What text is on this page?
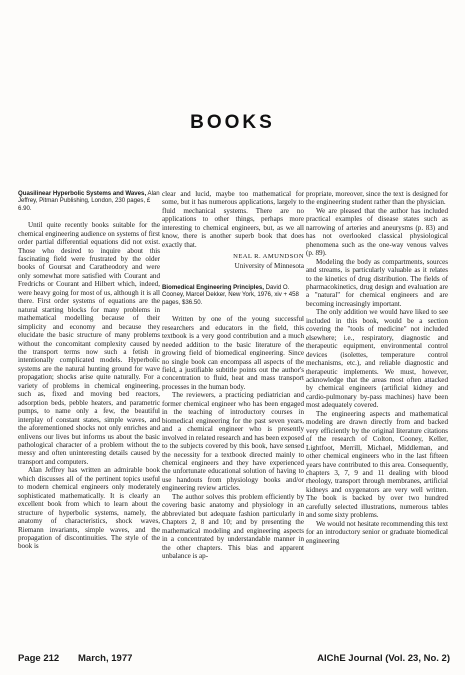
BOOKS
Quasilinear Hyperbolic Systems and Waves, Alan Jeffrey, Pitman Publishing, London, 230 pages, £ 6.90.

Until quite recently books suitable for the chemical engineering audience on systems of first order partial differential equations did not exist. Those who desired to inquire about this fascinating field were frustrated by the older books of Goursat and Caratheodory and were only somewhat more satisfied with Courant and Fredrichs or Courant and Hilbert which, indeed, were heavy going for most of us, although it is all there. First order systems of equations are the natural starting blocks for many problems in mathematical modelling because of their simplicity and economy and because they elucidate the basic structure of many problems without the concomitant complexity caused by the transport terms now such a fetish in intentionally complicated models. Hyperbolic systems are the natural hunting ground for wave propagation; shocks arise quite naturally. For a variety of problems in chemical engineering, such as, fixed and moving bed reactors, adsorption beds, pebble heaters, and parametric pumps, to name only a few, the beautiful interplay of constant states, simple waves, and the aforementioned shocks not only enriches and enlivens our lives but informs us about the basic pathological character of a problem without the messy and often uninteresting details caused by transport and computers.

Alan Jeffrey has written an admirable book which discusses all of the pertinent topics useful to modern chemical engineers only moderately sophisticated mathematically. It is clearly an excellent book from which to learn about the structure of hyperbolic systems, namely, the anatomy of characteristics, shock waves, Riemann invariants, simple waves, and the propagation of discontinuities. The style of the book is

clear and lucid, maybe too mathematical for some, but it has numerous applications, largely to fluid mechanical systems. There are no applications to other things, perhaps more interesting to chemical engineers, but, as we all know, there is another superb book that does exactly that.

NEAL R. AMUNDSON
University of Minnesota
Biomedical Engineering Principles, David O. Cooney, Marcel Dekker, New York, 1976, xiv + 458 pages, $36.50.

Written by one of the young successful researchers and educators in the field, this textbook is a very good contribution and a much needed addition to the basic literature of the growing field of biomedical engineering. Since no single book can encompass all aspects of the field, a justifiable subtitle points out the author's concentration to fluid, heat and mass transport processes in the human body.

The reviewers, a practicing pediatrician and former chemical engineer who has been engaged in the teaching of introductory courses in biomedical engineering for the past seven years, and a chemical engineer who is presently involved in related research and has been exposed to the subjects covered by this book, have sensed the necessity for a textbook directed mainly to chemical engineers and they have experienced the unfortunate educational solution of having to use handouts from physiology books and/or engineering review articles.

The author solves this problem efficiently by covering basic anatomy and physiology in an abbreviated but adequate fashion particularly in Chapters 2, 8 and 10; and by presenting the mathematical modeling and engineering aspects in a concentrated by understandable manner in the other chapters. This bias and apparent unbalance is ap-

propriate, moreover, since the text is designed for the engineering student rather than the physician.

We are pleased that the author has included practical examples of disease states such as narrowing of arteries and aneurysms (p. 83) and has not overlooked classical physiological phenomena such as the one-way venous valves (p. 89).

Modeling the body as compartments, sources and streams, is particularly valuable as it relates to the kinetics of drug distribution. The fields of pharmacokinetics, drug design and evaluation are a "natural" for chemical engineers and are becoming increasingly important.

The only addition we would have liked to see included in this book, would be a section covering the "tools of medicine" not included elsewhere; i.e., respiratory, diagnostic and therapeutic equipment, environmental control devices (isolettes, temperature control mechanisms, etc.), and reliable diagnostic and therapeutic implements. We must, however, acknowledge that the areas most often attacked by chemical engineers (artificial kidney and cardio-pulmonary by-pass machines) have been most adequately covered.

The engineering aspects and mathematical modeling are drawn directly from and backed very efficiently by the original literature citations of the research of Colton, Cooney, Keller, Lightfoot, Merrill, Michael, Middleman, and other chemical engineers who in the last fifteen years have contributed to this area. Consequently, chapters 3, 7, 9 and 11 dealing with blood rheology, transport through membranes, artificial kidneys and oxygenators are very well written. The book is backed by over two hundred carefully selected illustrations, numerous tables and some sixty problems.

We would not hesitate recommending this text for an introductory senior or graduate biomedical engineering

Page 212 March, 1977	AIChE Journal (Vol. 23, No. 2)
